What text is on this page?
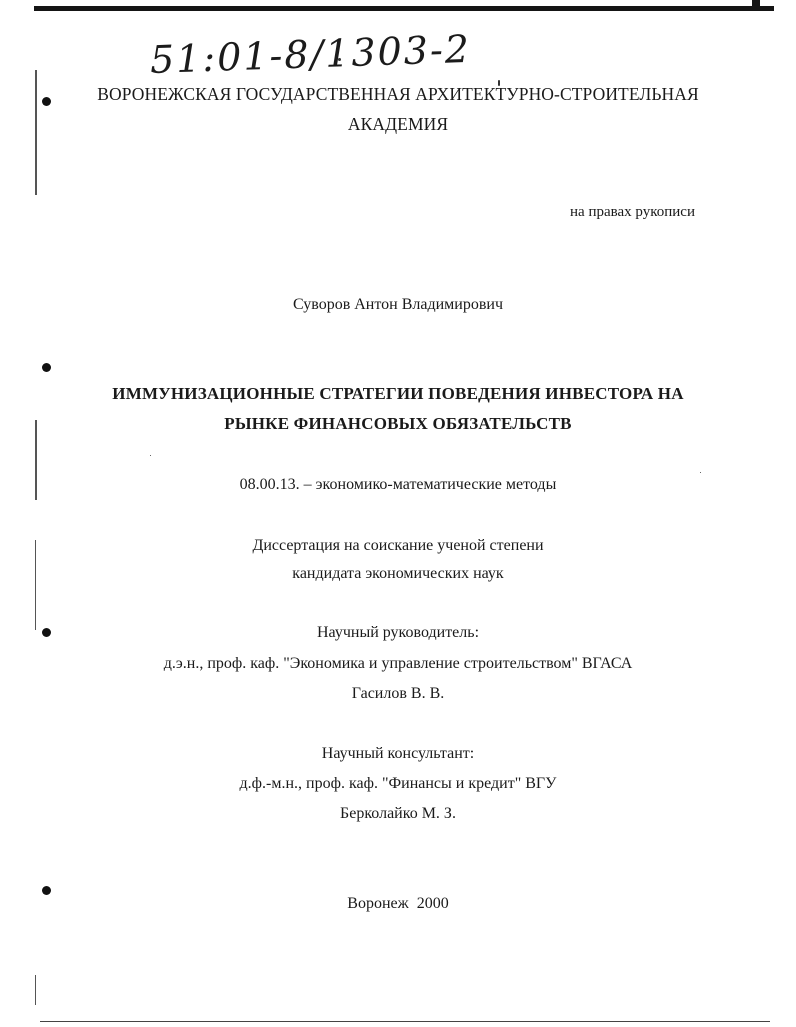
51:01-8/1303-2
ВОРОНЕЖСКАЯ ГОСУДАРСТВЕННАЯ АРХИТЕКТУРНО-СТРОИТЕЛЬНАЯ
АКАДЕМИЯ
на правах рукописи
Суворов Антон Владимирович
ИММУНИЗАЦИОННЫЕ СТРАТЕГИИ ПОВЕДЕНИЯ ИНВЕСТОРА НА
РЫНКЕ ФИНАНСОВЫХ ОБЯЗАТЕЛЬСТВ
08.00.13. – экономико-математические методы
Диссертация на соискание ученой степени
кандидата экономических наук
Научный руководитель:
д.э.н., проф. каф. "Экономика и управление строительством" ВГАСА
Гасилов В. В.
Научный консультант:
д.ф.-м.н., проф. каф. "Финансы и кредит" ВГУ
Берколайко М. З.
Воронеж  2000
